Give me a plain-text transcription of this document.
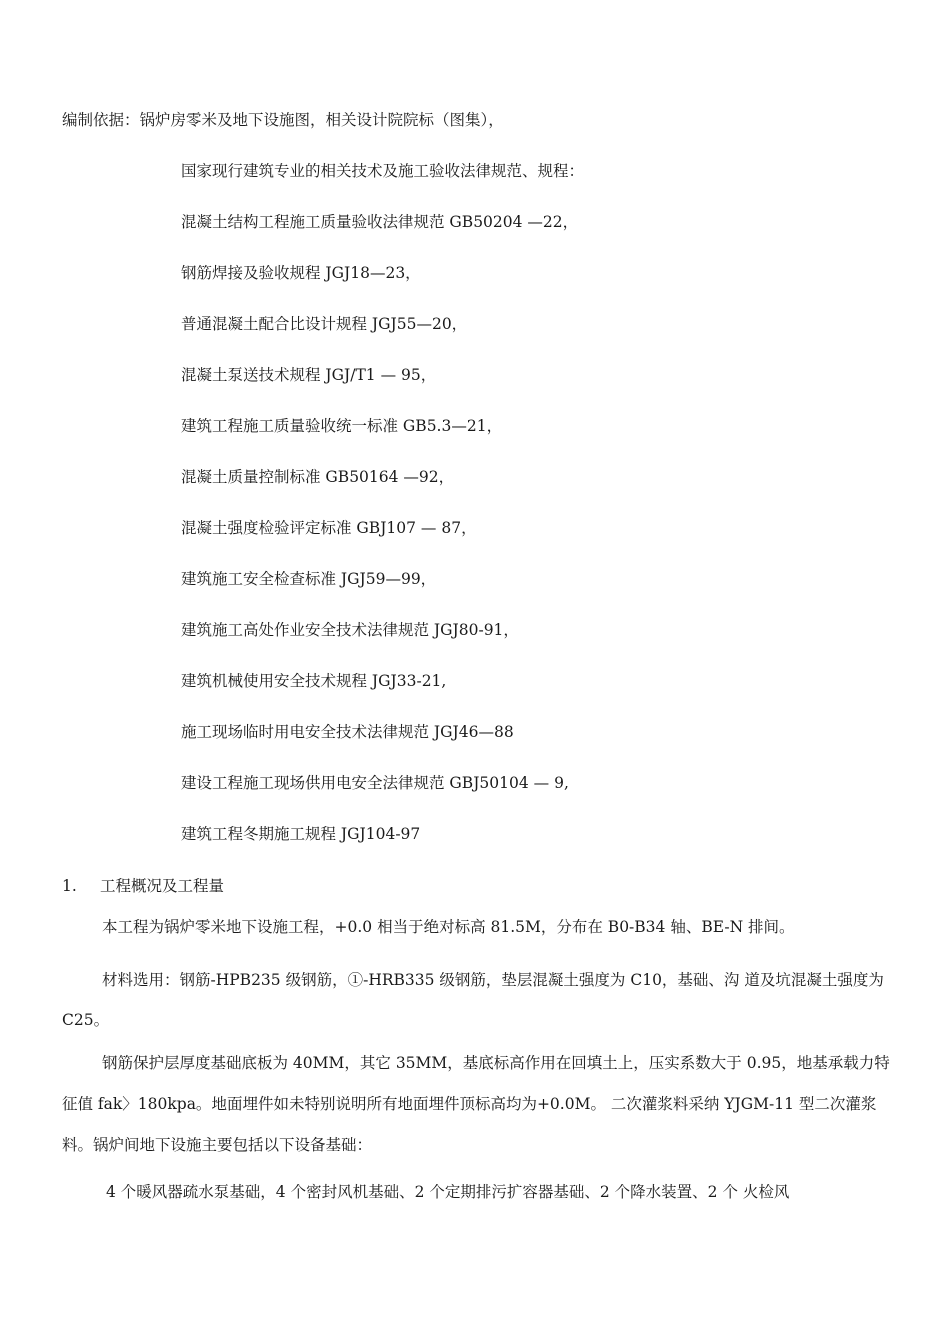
编制依据：锅炉房零米及地下设施图，相关设计院院标（图集），
国家现行建筑专业的相关技术及施工验收法律规范、规程：
混凝土结构工程施工质量验收法律规范 GB50204 —22，
钢筋焊接及验收规程 JGJ18—23，
普通混凝土配合比设计规程 JGJ55—20，
混凝土泵送技术规程 JGJ/T1 — 95，
建筑工程施工质量验收统一标准 GB5.3—21，
混凝土质量控制标准 GB50164 —92，
混凝土强度检验评定标准 GBJ107 — 87，
建筑施工安全检查标准 JGJ59—99，
建筑施工高处作业安全技术法律规范 JGJ80-91，
建筑机械使用安全技术规程 JGJ33-21,
施工现场临时用电安全技术法律规范 JGJ46—88
建设工程施工现场供用电安全法律规范 GBJ50104 — 9,
建筑工程冬期施工规程 JGJ104-97
1. 工程概况及工程量
本工程为锅炉零米地下设施工程，+0.0 相当于绝对标高 81.5M，分布在 B0-B34 轴、BE-N 排间。
材料选用：钢筋-HPB235 级钢筋，①-HRB335 级钢筋，垫层混凝土强度为 C10，基础、沟 道及坑混凝土强度为 C25。
钢筋保护层厚度基础底板为 40MM，其它 35MM，基底标高作用在回填土上，压实系数大于 0.95，地基承载力特征值 fak〉180kpa。地面埋件如未特别说明所有地面埋件顶标高均为+0.0M。 二次灌浆料采纳 YJGM-11 型二次灌浆料。锅炉间地下设施主要包括以下设备基础：
4 个暖风器疏水泵基础，4 个密封风机基础、2 个定期排污扩容器基础、2 个降水装置、2 个 火检风
